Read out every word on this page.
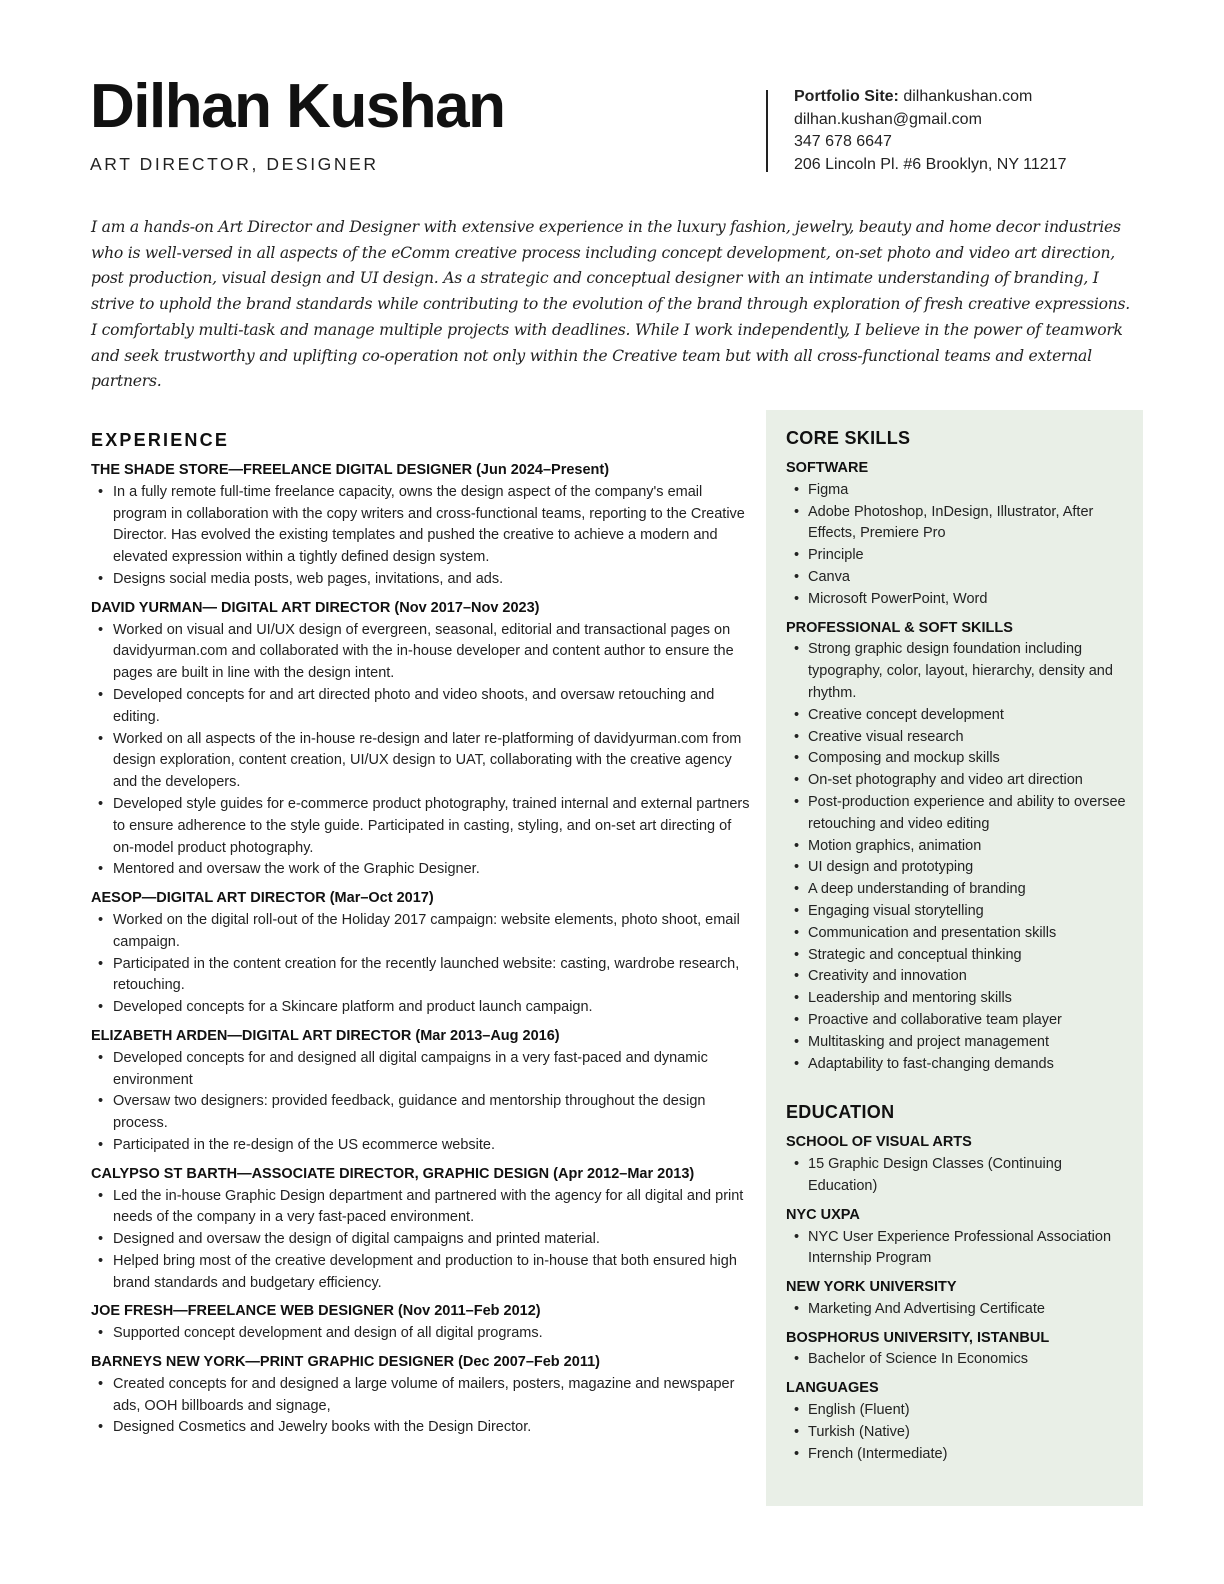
Dilhan Kushan
ART DIRECTOR, DESIGNER
Portfolio Site: dilhankushan.com
dilhan.kushan@gmail.com
347 678 6647
206 Lincoln Pl. #6 Brooklyn, NY 11217

I am a hands-on Art Director and Designer with extensive experience in the luxury fashion, jewelry, beauty and home decor industries who is well-versed in all aspects of the eComm creative process including concept development, on-set photo and video art direction, post production, visual design and UI design. As a strategic and conceptual designer with an intimate understanding of branding, I strive to uphold the brand standards while contributing to the evolution of the brand through exploration of fresh creative expressions. I comfortably multi-task and manage multiple projects with deadlines. While I work independently, I believe in the power of teamwork and seek trustworthy and uplifting co-operation not only within the Creative team but with all cross-functional teams and external partners.

EXPERIENCE
THE SHADE STORE—FREELANCE DIGITAL DESIGNER (Jun 2024–Present)
• In a fully remote full-time freelance capacity, owns the design aspect of the company's email program in collaboration with the copy writers and cross-functional teams, reporting to the Creative Director. Has evolved the existing templates and pushed the creative to achieve a modern and elevated expression within a tightly defined design system.
• Designs social media posts, web pages, invitations, and ads.
DAVID YURMAN— DIGITAL ART DIRECTOR (Nov 2017–Nov 2023)
• Worked on visual and UI/UX design of evergreen, seasonal, editorial and transactional pages on davidyurman.com and collaborated with the in-house developer and content author to ensure the pages are built in line with the design intent.
• Developed concepts for and art directed photo and video shoots, and oversaw retouching and editing.
• Worked on all aspects of the in-house re-design and later re-platforming of davidyurman.com from design exploration, content creation, UI/UX design to UAT, collaborating with the creative agency and the developers.
• Developed style guides for e-commerce product photography, trained internal and external partners to ensure adherence to the style guide. Participated in casting, styling, and on-set art directing of on-model product photography.
• Mentored and oversaw the work of the Graphic Designer.
AESOP—DIGITAL ART DIRECTOR (Mar–Oct 2017)
• Worked on the digital roll-out of the Holiday 2017 campaign: website elements, photo shoot, email campaign.
• Participated in the content creation for the recently launched website: casting, wardrobe research, retouching.
• Developed concepts for a Skincare platform and product launch campaign.
ELIZABETH ARDEN—DIGITAL ART DIRECTOR (Mar 2013–Aug 2016)
• Developed concepts for and designed all digital campaigns in a very fast-paced and dynamic environment
• Oversaw two designers: provided feedback, guidance and mentorship throughout the design process.
• Participated in the re-design of the US ecommerce website.
CALYPSO ST BARTH—ASSOCIATE DIRECTOR, GRAPHIC DESIGN (Apr 2012–Mar 2013)
• Led the in-house Graphic Design department and partnered with the agency for all digital and print needs of the company in a very fast-paced environment.
• Designed and oversaw the design of digital campaigns and printed material.
• Helped bring most of the creative development and production to in-house that both ensured high brand standards and budgetary efficiency.
JOE FRESH—FREELANCE WEB DESIGNER (Nov 2011–Feb 2012)
• Supported concept development and design of all digital programs.
BARNEYS NEW YORK—PRINT GRAPHIC DESIGNER (Dec 2007–Feb 2011)
• Created concepts for and designed a large volume of mailers, posters, magazine and newspaper ads, OOH billboards and signage,
• Designed Cosmetics and Jewelry books with the Design Director.
CORE SKILLS
SOFTWARE
• Figma
• Adobe Photoshop, InDesign, Illustrator, After Effects, Premiere Pro
• Principle
• Canva
• Microsoft PowerPoint, Word
PROFESSIONAL & SOFT SKILLS
• Strong graphic design foundation including typography, color, layout, hierarchy, density and rhythm.
• Creative concept development
• Creative visual research
• Composing and mockup skills
• On-set photography and video art direction
• Post-production experience and ability to oversee retouching and video editing
• Motion graphics, animation
• UI design and prototyping
• A deep understanding of branding
• Engaging visual storytelling
• Communication and presentation skills
• Strategic and conceptual thinking
• Creativity and innovation
• Leadership and mentoring skills
• Proactive and collaborative team player
• Multitasking and project management
• Adaptability to fast-changing demands
EDUCATION
SCHOOL OF VISUAL ARTS
• 15 Graphic Design Classes (Continuing Education)
NYC UXPA
• NYC User Experience Professional Association Internship Program
NEW YORK UNIVERSITY
• Marketing And Advertising Certificate
BOSPHORUS UNIVERSITY, ISTANBUL
• Bachelor of Science In Economics
LANGUAGES
• English (Fluent)
• Turkish (Native)
• French (Intermediate)
